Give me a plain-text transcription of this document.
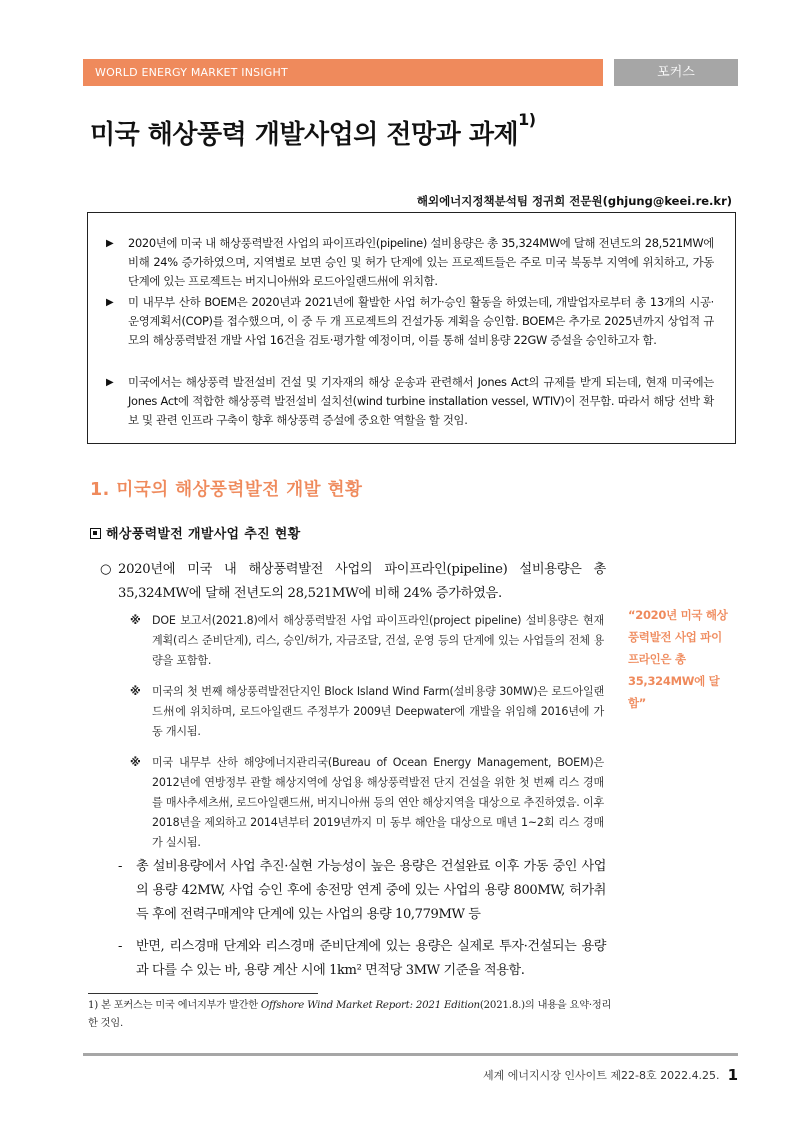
WORLD ENERGY MARKET INSIGHT	포커스
미국 해상풍력 개발사업의 전망과 과제$^{1)}$
해외에너지정책분석팀 정귀희 전문원(ghjung@keei.re.kr)
▶ 2020년에 미국 내 해상풍력발전 사업의 파이프라인(pipeline) 설비용량은 총 35,324MW에 달해 전년도의 28,521MW에 비해 24% 증가하였으며, 지역별로 보면 승인 및 허가 단계에 있는 프로젝트들은 주로 미국 북동부 지역에 위치하고, 가동단계에 있는 프로젝트는 버지니아州와 로드아일랜드州에 위치함.
▶ 미 내무부 산하 BOEM은 2020년과 2021년에 활발한 사업 허가·승인 활동을 하였는데, 개발업자로부터 총 13개의 시공·운영계획서(COP)를 접수했으며, 이 중 두 개 프로젝트의 건설가동 계획을 승인함. BOEM은 추가로 2025년까지 상업적 규모의 해상풍력발전 개발 사업 16건을 검토·평가할 예정이며, 이를 통해 설비용량 22GW 증설을 승인하고자 함.
▶ 미국에서는 해상풍력 발전설비 건설 및 기자재의 해상 운송과 관련해서 Jones Act의 규제를 받게 되는데, 현재 미국에는 Jones Act에 적합한 해상풍력 발전설비 설치선(wind turbine installation vessel, WTIV)이 전무함. 따라서 해당 선박 확보 및 관련 인프라 구축이 향후 해상풍력 증설에 중요한 역할을 할 것임.
1. 미국의 해상풍력발전 개발 현황
해상풍력발전 개발사업 추진 현황
○ 2020년에 미국 내 해상풍력발전 사업의 파이프라인(pipeline) 설비용량은 총 35,324MW에 달해 전년도의 28,521MW에 비해 24% 증가하였음.
※ DOE 보고서(2021.8)에서 해상풍력발전 사업 파이프라인(project pipeline) 설비용량은 현재 계획(리스 준비단계), 리스, 승인/허가, 자금조달, 건설, 운영 등의 단계에 있는 사업들의 전체 용량을 포함함.
※ 미국의 첫 번째 해상풍력발전단지인 Block Island Wind Farm(설비용량 30MW)은 로드아일랜드州에 위치하며, 로드아일랜드 주정부가 2009년 Deepwater에 개발을 위임해 2016년에 가동 개시됨.
※ 미국 내무부 산하 해양에너지관리국(Bureau of Ocean Energy Management, BOEM)은 2012년에 연방정부 관할 해상지역에 상업용 해상풍력발전 단지 건설을 위한 첫 번째 리스 경매를 매사추세츠州, 로드아일랜드州, 버지니아州 등의 연안 해상지역을 대상으로 추진하였음. 이후 2018년을 제외하고 2014년부터 2019년까지 미 동부 해안을 대상으로 매년 1~2회 리스 경매가 실시됨.
- 총 설비용량에서 사업 추진·실현 가능성이 높은 용량은 건설완료 이후 가동 중인 사업의 용량 42MW, 사업 승인 후에 송전망 연계 중에 있는 사업의 용량 800MW, 허가취득 후에 전력구매계약 단계에 있는 사업의 용량 10,779MW 등
- 반면, 리스경매 단계와 리스경매 준비단계에 있는 용량은 실제로 투자·건설되는 용량과 다를 수 있는 바, 용량 계산 시에 1km² 면적당 3MW 기준을 적용함.
“2020년 미국 해상풍력발전 사업 파이프라인은 총 35,324MW에 달함”
1) 본 포커스는 미국 에너지부가 발간한 Offshore Wind Market Report: 2021 Edition(2021.8.)의 내용을 요약·정리한 것임.
세계 에너지시장 인사이트 제22-8호 2022.4.25. 1
